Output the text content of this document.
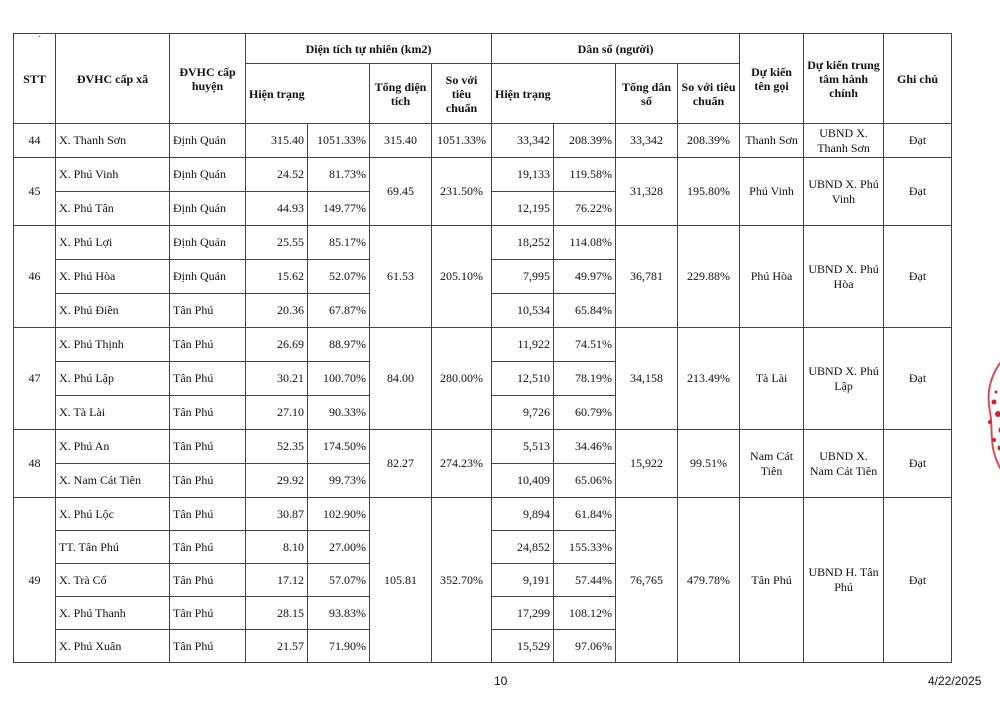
·
STT	ĐVHC cấp xã	ĐVHC cấp huyện	Diện tích tự nhiên (km2)				Dân số (người)				Dự kiến tên gọi	Dự kiến trung tâm hành chính	Ghi chú
			Hiện trạng		Tổng diện tích	So với tiêu chuẩn	Hiện trạng		Tổng dân số	So với tiêu chuẩn			
44	X. Thanh Sơn	Định Quán	315.40	1051.33%	315.40	1051.33%	33,342	208.39%	33,342	208.39%	Thanh Sơn	UBND X. Thanh Sơn	Đạt
45	X. Phú Vinh	Định Quán	24.52	81.73%	69.45	231.50%	19,133	119.58%	31,328	195.80%	Phú Vinh	UBND X. Phú Vinh	Đạt
	X. Phú Tân	Định Quán	44.93	149.77%			12,195	76.22%					
46	X. Phú Lợi	Định Quán	25.55	85.17%	61.53	205.10%	18,252	114.08%	36,781	229.88%	Phú Hòa	UBND X. Phú Hòa	Đạt
	X. Phú Hòa	Định Quán	15.62	52.07%			7,995	49.97%					
	X. Phú Điền	Tân Phú	20.36	67.87%			10,534	65.84%					
47	X. Phú Thịnh	Tân Phú	26.69	88.97%	84.00	280.00%	11,922	74.51%	34,158	213.49%	Tà Lài	UBND X. Phú Lập	Đạt
	X. Phú Lập	Tân Phú	30.21	100.70%			12,510	78.19%					
	X. Tà Lài	Tân Phú	27.10	90.33%			9,726	60.79%					
48	X. Phú An	Tân Phú	52.35	174.50%	82.27	274.23%	5,513	34.46%	15,922	99.51%	Nam Cát Tiên	UBND X. Nam Cát Tiên	Đạt
	X. Nam Cát Tiên	Tân Phú	29.92	99.73%			10,409	65.06%					
49	X. Phú Lộc	Tân Phú	30.87	102.90%	105.81	352.70%	9,894	61.84%	76,765	479.78%	Tân Phú	UBND H. Tân Phú	Đạt
	TT. Tân Phú	Tân Phú	8.10	27.00%			24,852	155.33%					
	X. Trà Cổ	Tân Phú	17.12	57.07%			9,191	57.44%					
	X. Phú Thanh	Tân Phú	28.15	93.83%			17,299	108.12%					
	X. Phú Xuân	Tân Phú	21.57	71.90%			15,529	97.06%					
10	4/22/2025
